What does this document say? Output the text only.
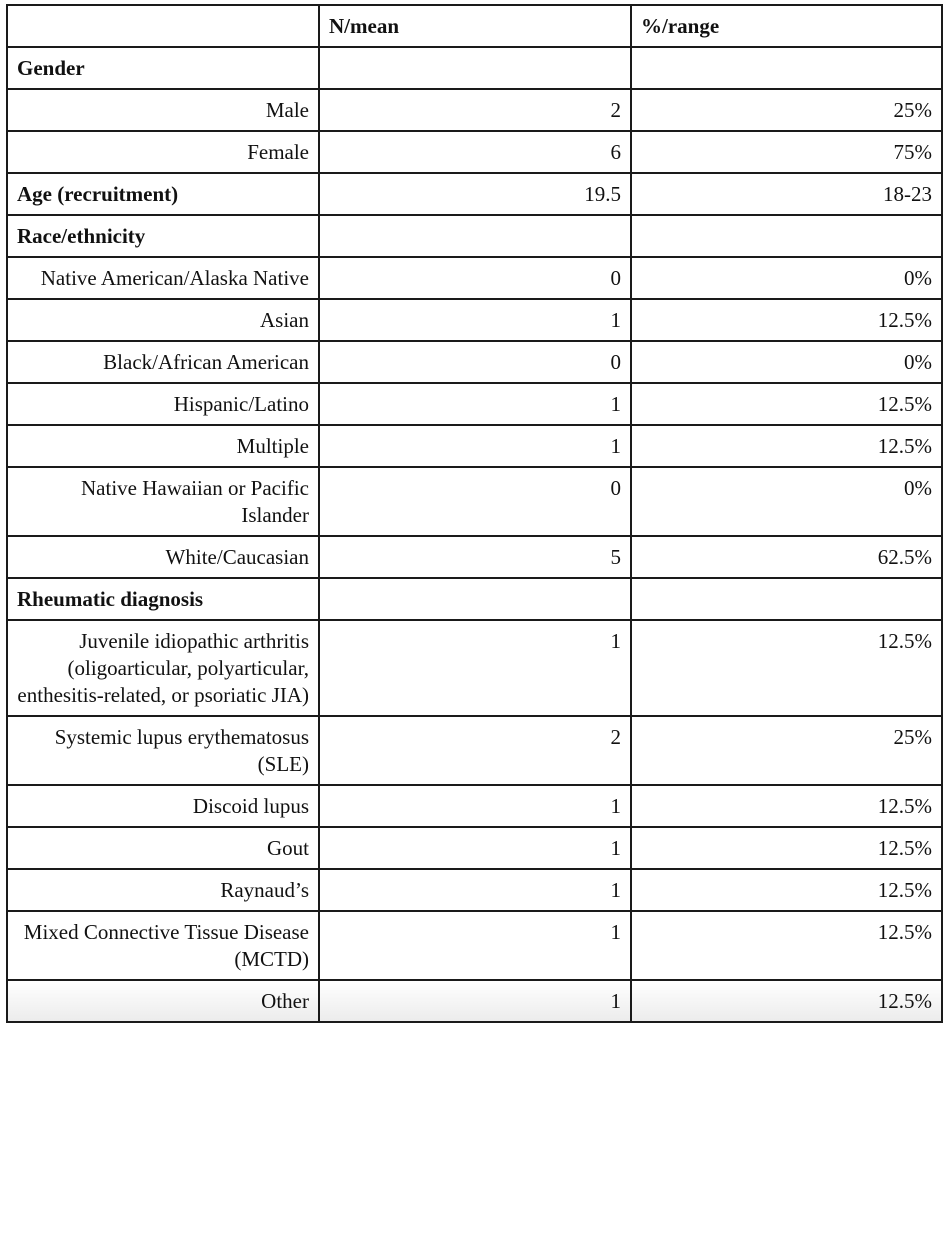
	N/mean	%/range
Gender		
Male	2	25%
Female	6	75%
Age (recruitment)	19.5	18-23
Race/ethnicity		
Native American/Alaska Native	0	0%
Asian	1	12.5%
Black/African American	0	0%
Hispanic/Latino	1	12.5%
Multiple	1	12.5%
Native Hawaiian or Pacific Islander	0	0%
White/Caucasian	5	62.5%
Rheumatic diagnosis		
Juvenile idiopathic arthritis (oligoarticular, polyarticular, enthesitis-related, or psoriatic JIA)	1	12.5%
Systemic lupus erythematosus (SLE)	2	25%
Discoid lupus	1	12.5%
Gout	1	12.5%
Raynaud’s	1	12.5%
Mixed Connective Tissue Disease (MCTD)	1	12.5%
Other	1	12.5%
